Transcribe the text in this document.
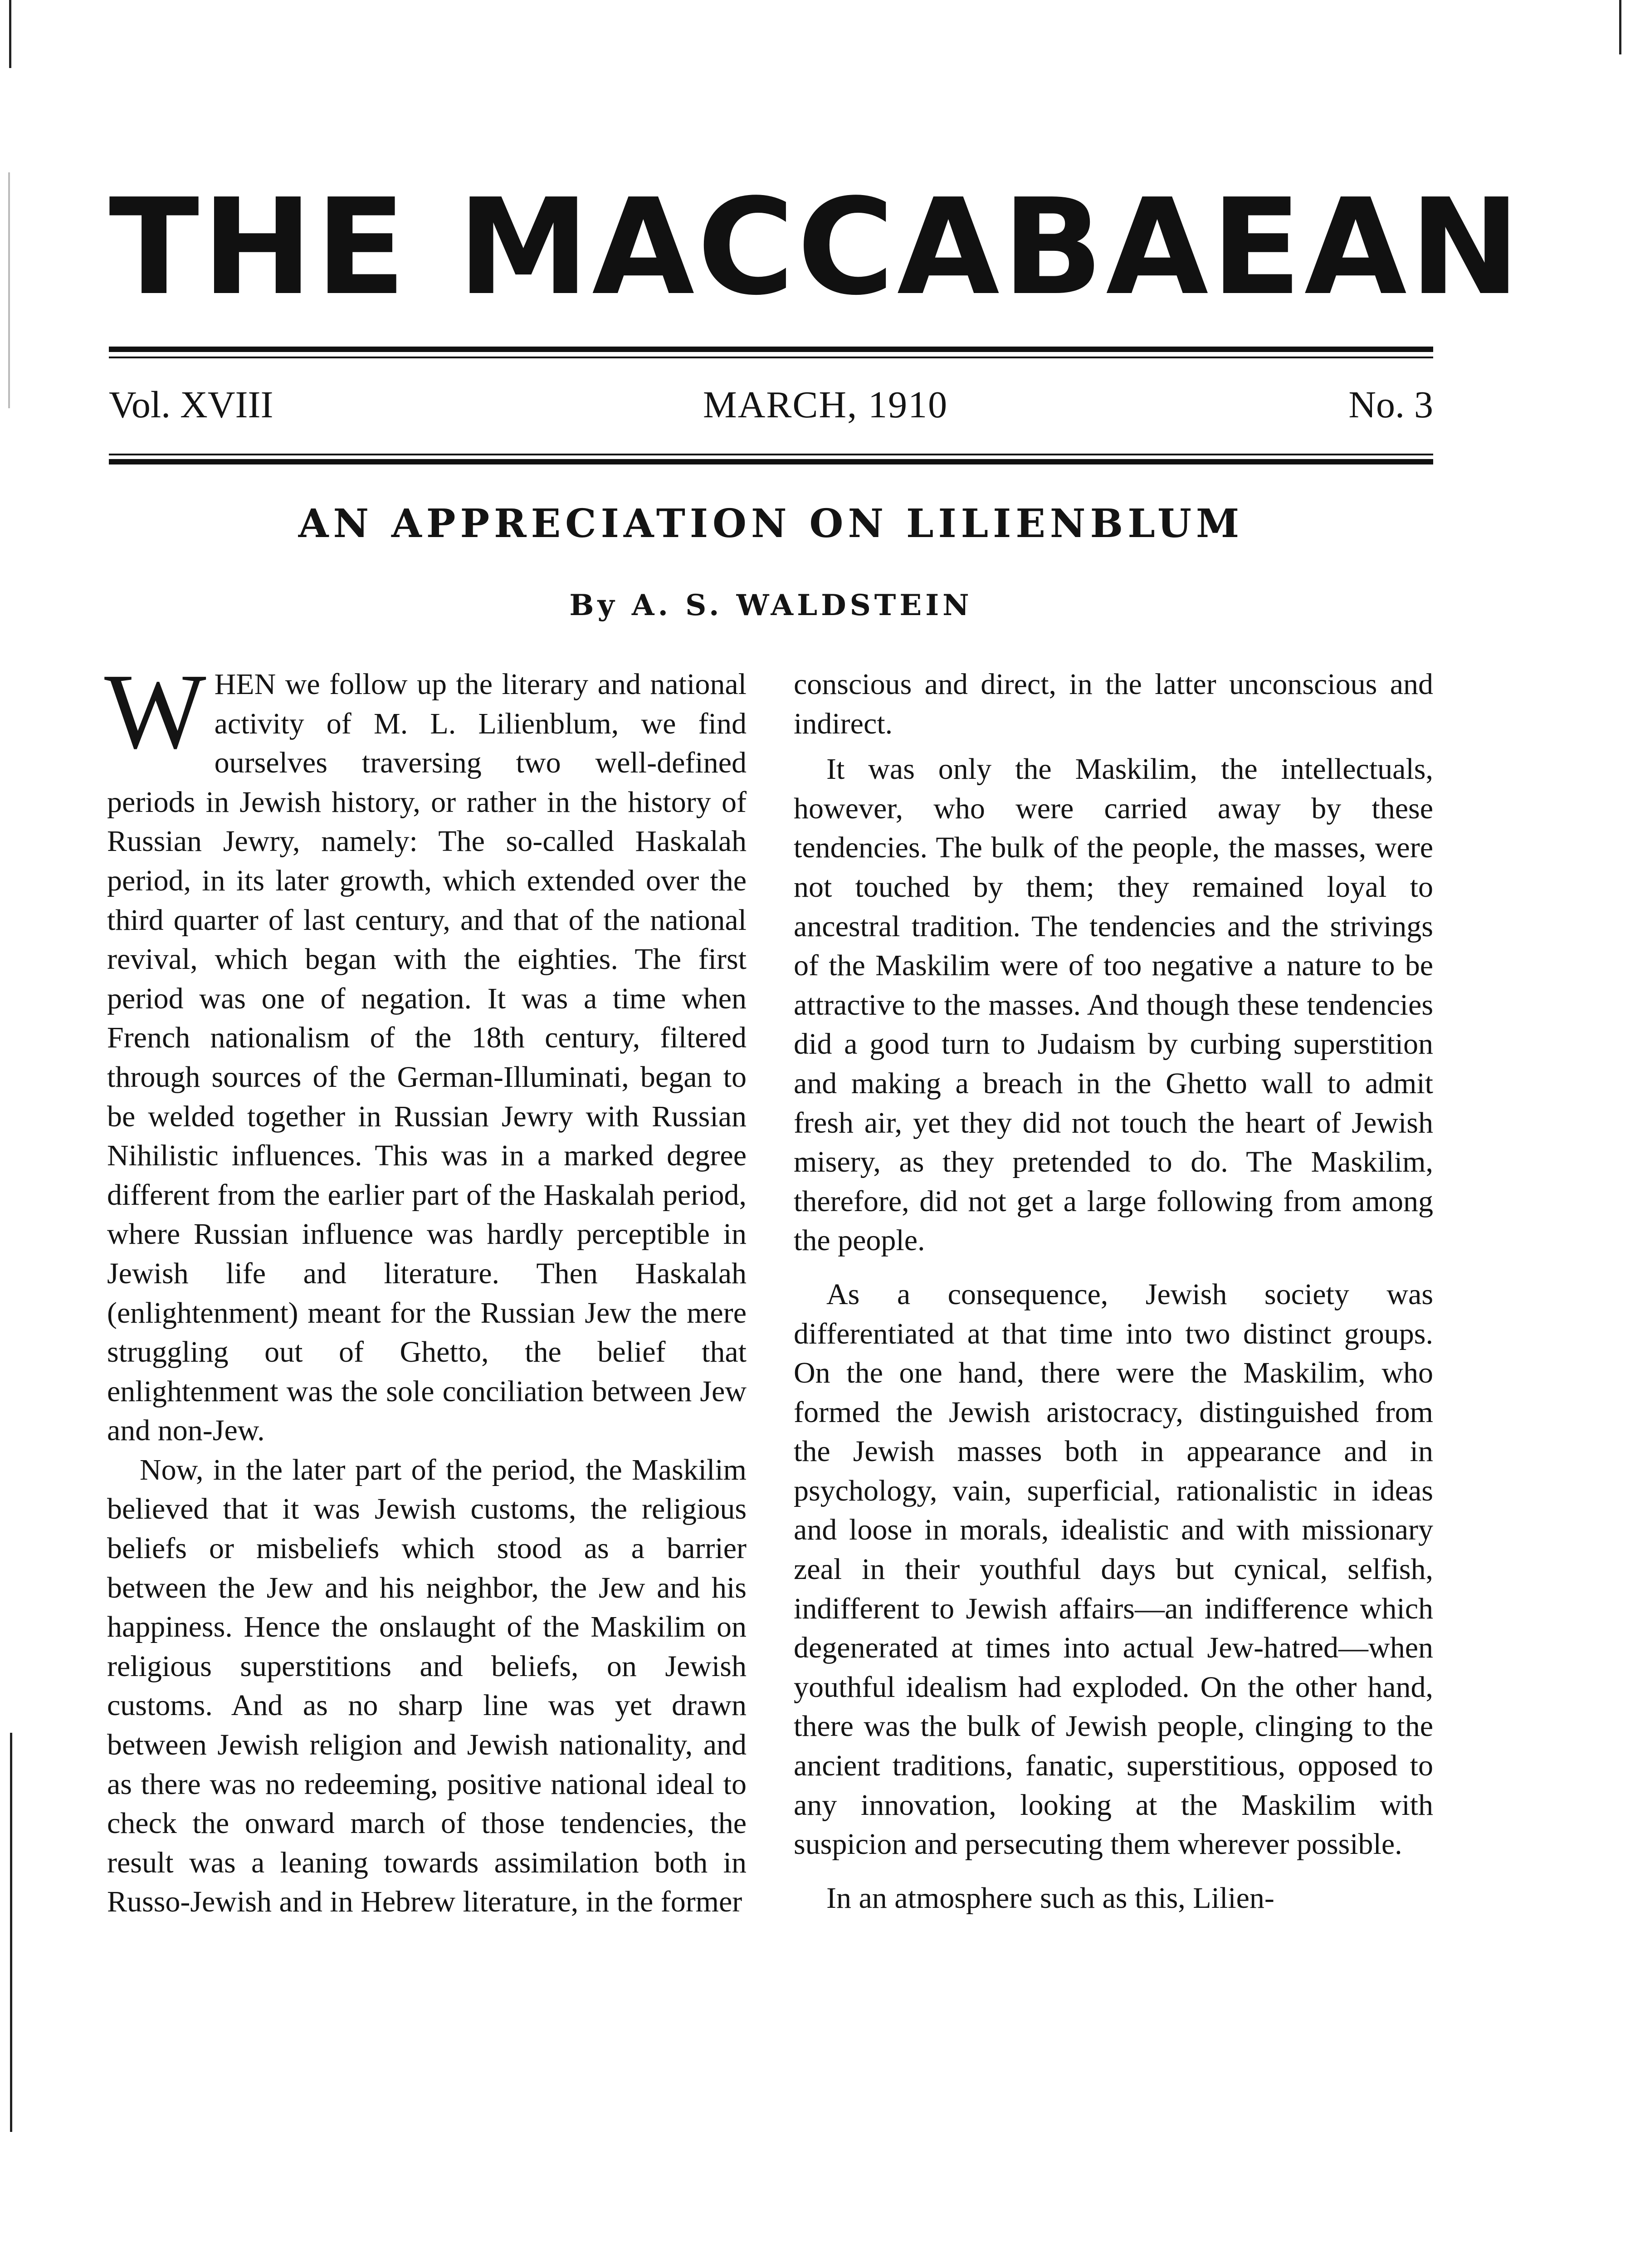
THE MACCABAEAN
Vol. XVIII	MARCH, 1910	No. 3
AN APPRECIATION ON LILIENBLUM
By A. S. WALDSTEIN

WHEN we follow up the literary and national activity of M. L. Lilienblum, we find ourselves traversing two well-defined periods in Jewish history, or rather in the history of Russian Jewry, namely: The so-called Haskalah period, in its later growth, which extended over the third quarter of last century, and that of the national revival, which began with the eighties. The first period was one of negation. It was a time when French nationalism of the 18th century, filtered through sources of the German-Illuminati, began to be welded together in Russian Jewry with Russian Nihilistic influences. This was in a marked degree different from the earlier part of the Haskalah period, where Russian influence was hardly perceptible in Jewish life and literature. Then Haskalah (enlightenment) meant for the Russian Jew the mere struggling out of Ghetto, the belief that enlightenment was the sole conciliation between Jew and non-Jew.

Now, in the later part of the period, the Maskilim believed that it was Jewish customs, the religious beliefs or misbeliefs which stood as a barrier between the Jew and his neighbor, the Jew and his happiness. Hence the onslaught of the Maskilim on religious superstitions and beliefs, on Jewish customs. And as no sharp line was yet drawn between Jewish religion and Jewish nationality, and as there was no redeeming, positive national ideal to check the onward march of those tendencies, the result was a leaning towards assimilation both in Russo-Jewish and in Hebrew literature, in the former

conscious and direct, in the latter unconscious and indirect.

It was only the Maskilim, the intellectuals, however, who were carried away by these tendencies. The bulk of the people, the masses, were not touched by them; they remained loyal to ancestral tradition. The tendencies and the strivings of the Maskilim were of too negative a nature to be attractive to the masses. And though these tendencies did a good turn to Judaism by curbing superstition and making a breach in the Ghetto wall to admit fresh air, yet they did not touch the heart of Jewish misery, as they pretended to do. The Maskilim, therefore, did not get a large following from among the people.

As a consequence, Jewish society was differentiated at that time into two distinct groups. On the one hand, there were the Maskilim, who formed the Jewish aristocracy, distinguished from the Jewish masses both in appearance and in psychology, vain, superficial, rationalistic in ideas and loose in morals, idealistic and with missionary zeal in their youthful days but cynical, selfish, indifferent to Jewish affairs—an indifference which degenerated at times into actual Jew-hatred—when youthful idealism had exploded. On the other hand, there was the bulk of Jewish people, clinging to the ancient traditions, fanatic, superstitious, opposed to any innovation, looking at the Maskilim with suspicion and persecuting them wherever possible.

In an atmosphere such as this, Lilien-
